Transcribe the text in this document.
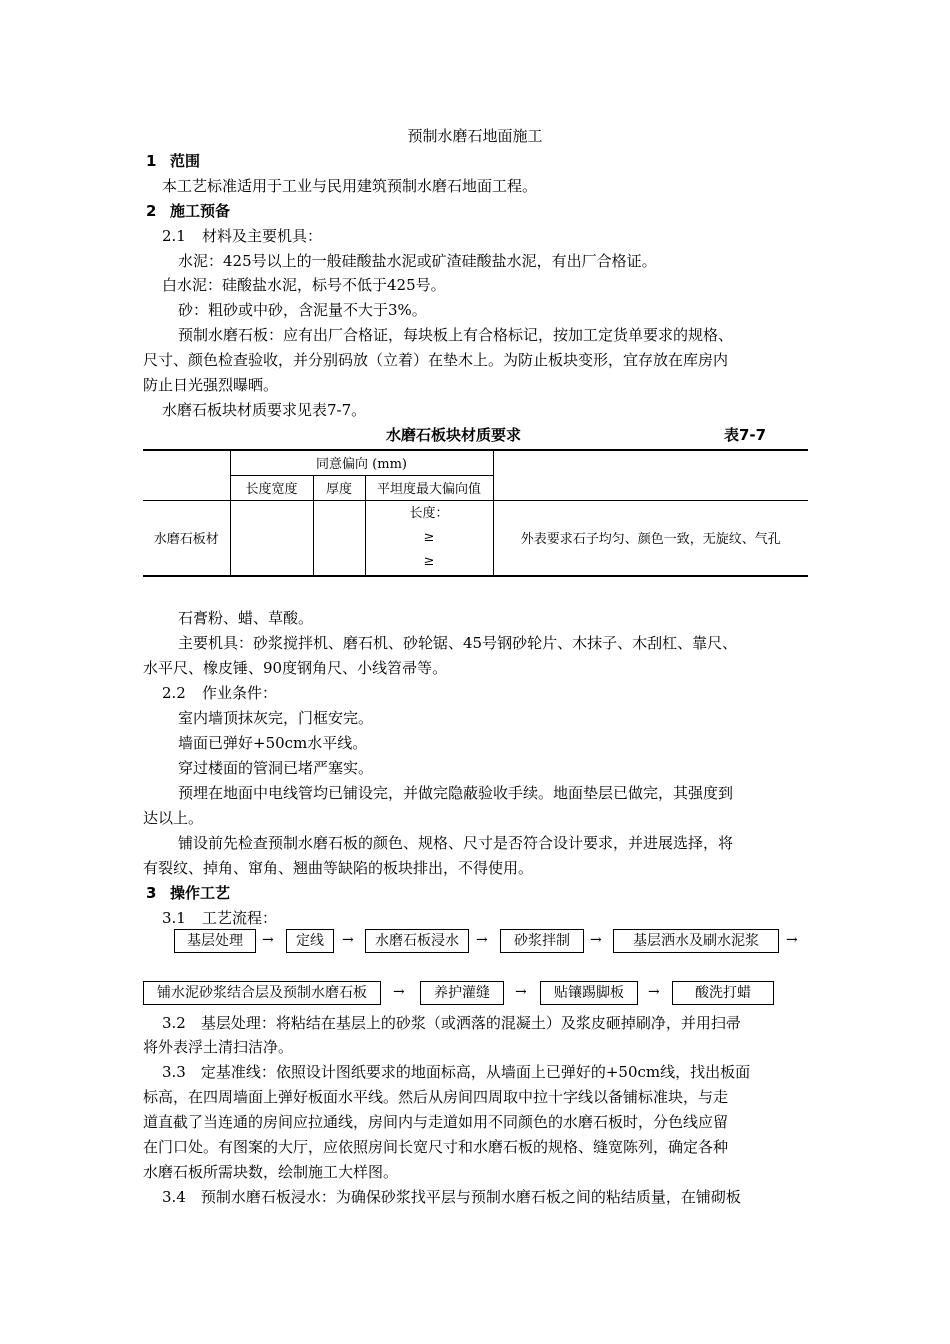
预制水磨石地面施工
1 范围
本工艺标准适用于工业与民用建筑预制水磨石地面工程。
2 施工预备
2.1 材料及主要机具：
水泥：425号以上的一般硅酸盐水泥或矿渣硅酸盐水泥，有出厂合格证。
白水泥：硅酸盐水泥，标号不低于425号。
砂：粗砂或中砂，含泥量不大于3%。
预制水磨石板：应有出厂合格证，每块板上有合格标记，按加工定货单要求的规格、
尺寸、颜色检查验收，并分别码放（立着）在垫木上。为防止板块变形，宜存放在库房内
防止日光强烈曝晒。
水磨石板块材质要求见表7-7。
水磨石板块材质要求	表7-7
	同意偏向 (mm)			
	长度宽度	厚度	平坦度最大偏向值	
水磨石板材			长度：
≥
≥	外表要求石子均匀、颜色一致，无旋纹、气孔
石膏粉、蜡、草酸。
主要机具：砂浆搅拌机、磨石机、砂轮锯、45号钢砂轮片、木抹子、木刮杠、靠尺、
水平尺、橡皮锤、90度钢角尺、小线笤帚等。
2.2 作业条件：
室内墙顶抹灰完，门框安完。
墙面已弹好+50cm水平线。
穿过楼面的管洞已堵严塞实。
预埋在地面中电线管均已铺设完，并做完隐蔽验收手续。地面垫层已做完，其强度到
达以上。
铺设前先检查预制水磨石板的颜色、规格、尺寸是否符合设计要求，并进展选择，将
有裂纹、掉角、窜角、翘曲等缺陷的板块排出，不得使用。
3 操作工艺
3.1 工艺流程：
基层处理	→	定线	→	水磨石板浸水	→	砂浆拌制	→	基层洒水及刷水泥浆	→
铺水泥砂浆结合层及预制水磨石板	→	养护灌缝	→	贴镶踢脚板	→	酸洗打蜡
3.2　基层处理：将粘结在基层上的砂浆（或洒落的混凝土）及浆皮砸掉刷净，并用扫帚
将外表浮土清扫洁净。
3.3　定基准线：依照设计图纸要求的地面标高，从墙面上已弹好的+50cm线，找出板面
标高，在四周墙面上弹好板面水平线。然后从房间四周取中拉十字线以备铺标准块，与走
道直截了当连通的房间应拉通线，房间内与走道如用不同颜色的水磨石板时，分色线应留
在门口处。有图案的大厅，应依照房间长宽尺寸和水磨石板的规格、缝宽陈列，确定各种
水磨石板所需块数，绘制施工大样图。
3.4　预制水磨石板浸水：为确保砂浆找平层与预制水磨石板之间的粘结质量，在铺砌板
